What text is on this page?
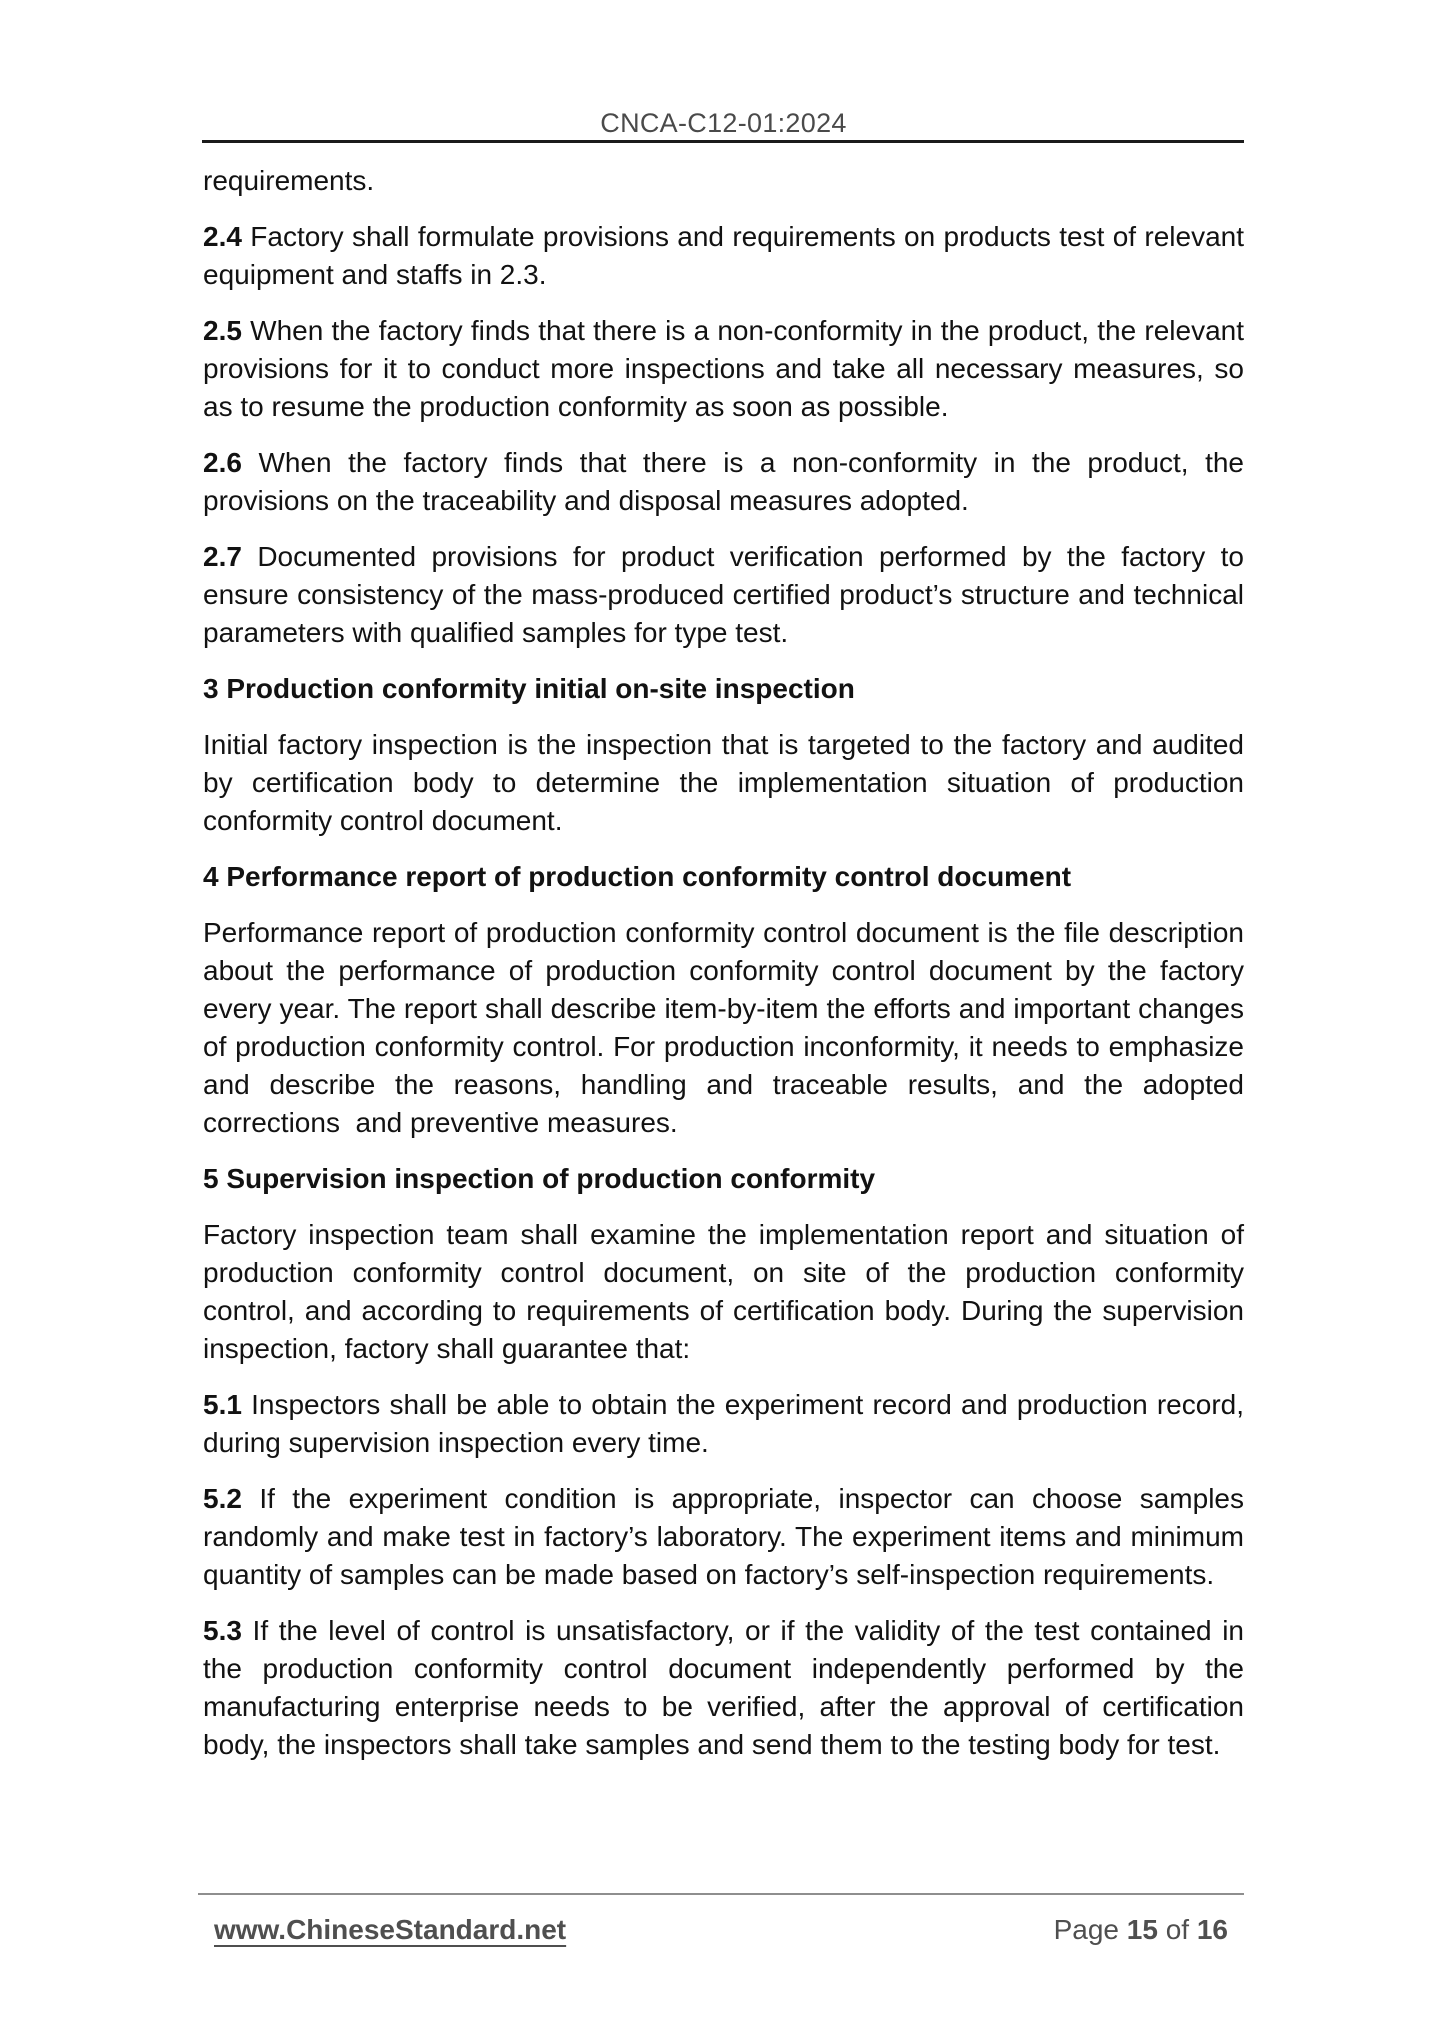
CNCA-C12-01:2024

requirements.

2.4 Factory shall formulate provisions and requirements on products test of relevant equipment and staffs in 2.3.

2.5 When the factory finds that there is a non-conformity in the product, the relevant provisions for it to conduct more inspections and take all necessary measures, so as to resume the production conformity as soon as possible.

2.6 When the factory finds that there is a non-conformity in the product, the provisions on the traceability and disposal measures adopted.

2.7 Documented provisions for product verification performed by the factory to ensure consistency of the mass-produced certified product’s structure and technical parameters with qualified samples for type test.

3 Production conformity initial on-site inspection

Initial factory inspection is the inspection that is targeted to the factory and audited by certification body to determine the implementation situation of production conformity control document.

4 Performance report of production conformity control document

Performance report of production conformity control document is the file description about the performance of production conformity control document by the factory every year. The report shall describe item-by-item the efforts and important changes of production conformity control. For production inconformity, it needs to emphasize and describe the reasons, handling and traceable results, and the adopted corrections  and preventive measures.

5 Supervision inspection of production conformity

Factory inspection team shall examine the implementation report and situation of production conformity control document, on site of the production conformity control, and according to requirements of certification body. During the supervision inspection, factory shall guarantee that:

5.1 Inspectors shall be able to obtain the experiment record and production record, during supervision inspection every time.

5.2 If the experiment condition is appropriate, inspector can choose samples randomly and make test in factory’s laboratory. The experiment items and minimum quantity of samples can be made based on factory’s self-inspection requirements.

5.3 If the level of control is unsatisfactory, or if the validity of the test contained in the production conformity control document independently performed by the manufacturing enterprise needs to be verified, after the approval of certification body, the inspectors shall take samples and send them to the testing body for test.

www.ChineseStandard.net	Page 15 of 16
